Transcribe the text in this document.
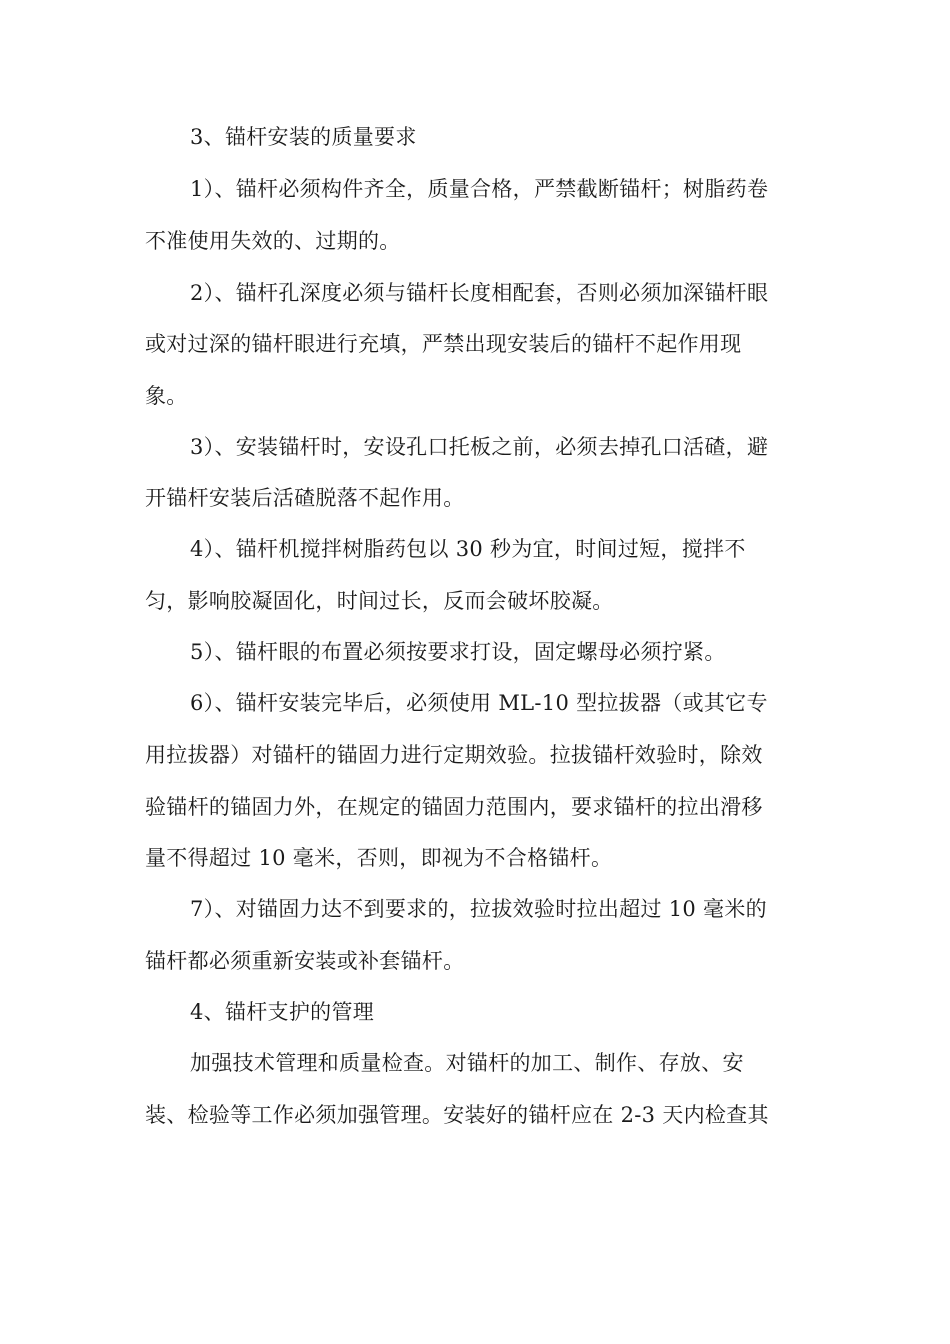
3、锚杆安装的质量要求
1）、锚杆必须构件齐全，质量合格，严禁截断锚杆；树脂药卷
不准使用失效的、过期的。
2）、锚杆孔深度必须与锚杆长度相配套，否则必须加深锚杆眼
或对过深的锚杆眼进行充填，严禁出现安装后的锚杆不起作用现
象。
3）、安装锚杆时，安设孔口托板之前，必须去掉孔口活碴，避
开锚杆安装后活碴脱落不起作用。
4）、锚杆机搅拌树脂药包以 30 秒为宜，时间过短，搅拌不
匀，影响胶凝固化，时间过长，反而会破坏胶凝。
5）、锚杆眼的布置必须按要求打设，固定螺母必须拧紧。
6）、锚杆安装完毕后，必须使用 ML-10 型拉拔器（或其它专
用拉拔器）对锚杆的锚固力进行定期效验。拉拔锚杆效验时，除效
验锚杆的锚固力外，在规定的锚固力范围内，要求锚杆的拉出滑移
量不得超过 10 毫米，否则，即视为不合格锚杆。
7）、对锚固力达不到要求的，拉拔效验时拉出超过 10 毫米的
锚杆都必须重新安装或补套锚杆。
4、锚杆支护的管理
加强技术管理和质量检查。对锚杆的加工、制作、存放、安
装、检验等工作必须加强管理。安装好的锚杆应在 2-3 天内检查其
